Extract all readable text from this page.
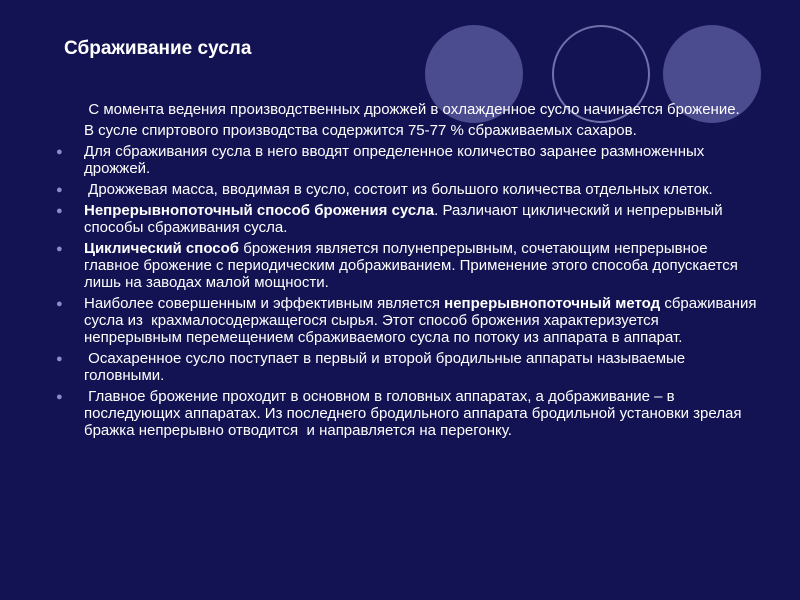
Сбраживание сусла

С момента ведения производственных дрожжей в охлажденное сусло начинается брожение.

В сусле спиртового производства содержится 75-77 % сбраживаемых сахаров.

● Для сбраживания сусла в него вводят определенное количество заранее размноженных дрожжей.

● Дрожжевая масса, вводимая в сусло, состоит из большого количества отдельных клеток.

● Непрерывнопоточный способ брожения сусла. Различают циклический и непрерывный  способы сбраживания сусла.

● Циклический способ брожения является полунепрерывным, сочетающим непрерывное главное брожение с периодическим дображиванием. Применение этого способа допускается лишь на заводах малой мощности.

● Наиболее совершенным и эффективным является непрерывнопоточный метод сбраживания сусла из  крахмалосодержащегося сырья. Этот способ брожения характеризуется непрерывным перемещением сбраживаемого сусла по потоку из аппарата в аппарат.

● Осахаренное сусло поступает в первый и второй бродильные аппараты называемые головными.

● Главное брожение проходит в основном в головных аппаратах, а дображивание – в последующих аппаратах. Из последнего бродильного аппарата бродильной установки зрелая бражка непрерывно отводится  и направляется на перегонку.
